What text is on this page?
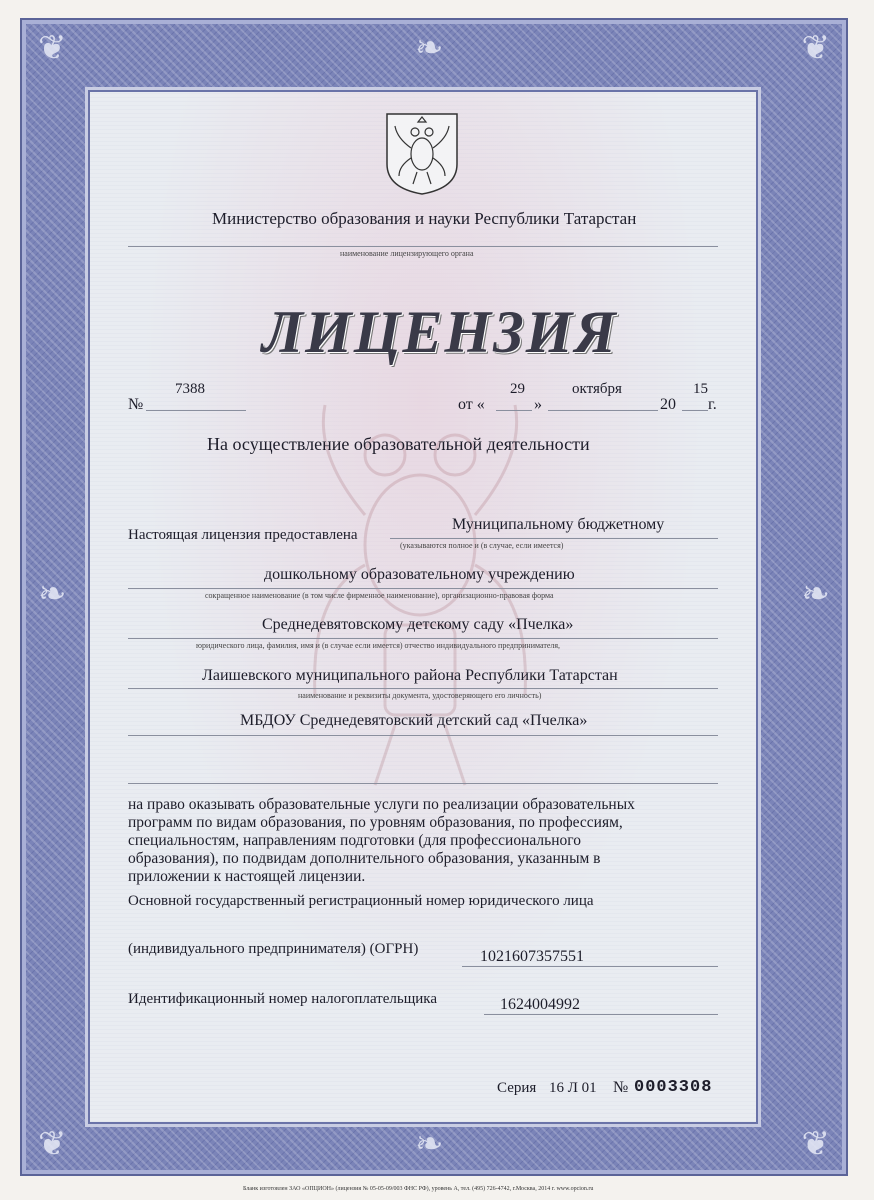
❦	❦
❦	❦
❧
❧
❧	❧
Министерство образования и науки Республики Татарстан
наименование лицензирующего органа
ЛИЦЕНЗИЯ
№
7388
от «
29
»
октября
20
15
г.
На осуществление образовательной деятельности
Настоящая лицензия предоставлена
Муниципальному бюджетному
(указываются полное и (в случае, если имеется)
дошкольному образовательному учреждению
сокращенное наименование (в том числе фирменное наименование), организационно-правовая форма
Среднедевятовскому детскому саду «Пчелка»
юридического лица, фамилия, имя и (в случае если имеется) отчество индивидуального предпринимателя,
Лаишевского муниципального района Республики Татарстан
наименование и реквизиты документа, удостоверяющего его личность)
МБДОУ Среднедевятовский детский сад «Пчелка»
на право оказывать образовательные услуги по реализации образовательных
программ по видам образования, по уровням образования, по профессиям,
специальностям, направлениям подготовки (для профессионального
образования), по подвидам дополнительного образования, указанным в
приложении к настоящей лицензии.
Основной государственный регистрационный номер юридического лица
(индивидуального предпринимателя) (ОГРН)	1021607357551
Идентификационный номер налогоплательщика	1624004992
Серия 16 Л 01 № 0003308
Бланк изготовлен ЗАО «ОПЦИОН» (лицензия № 05-05-09/003 ФНС РФ), уровень А, тел. (495) 726-4742, г.Москва, 2014 г. www.opcion.ru
